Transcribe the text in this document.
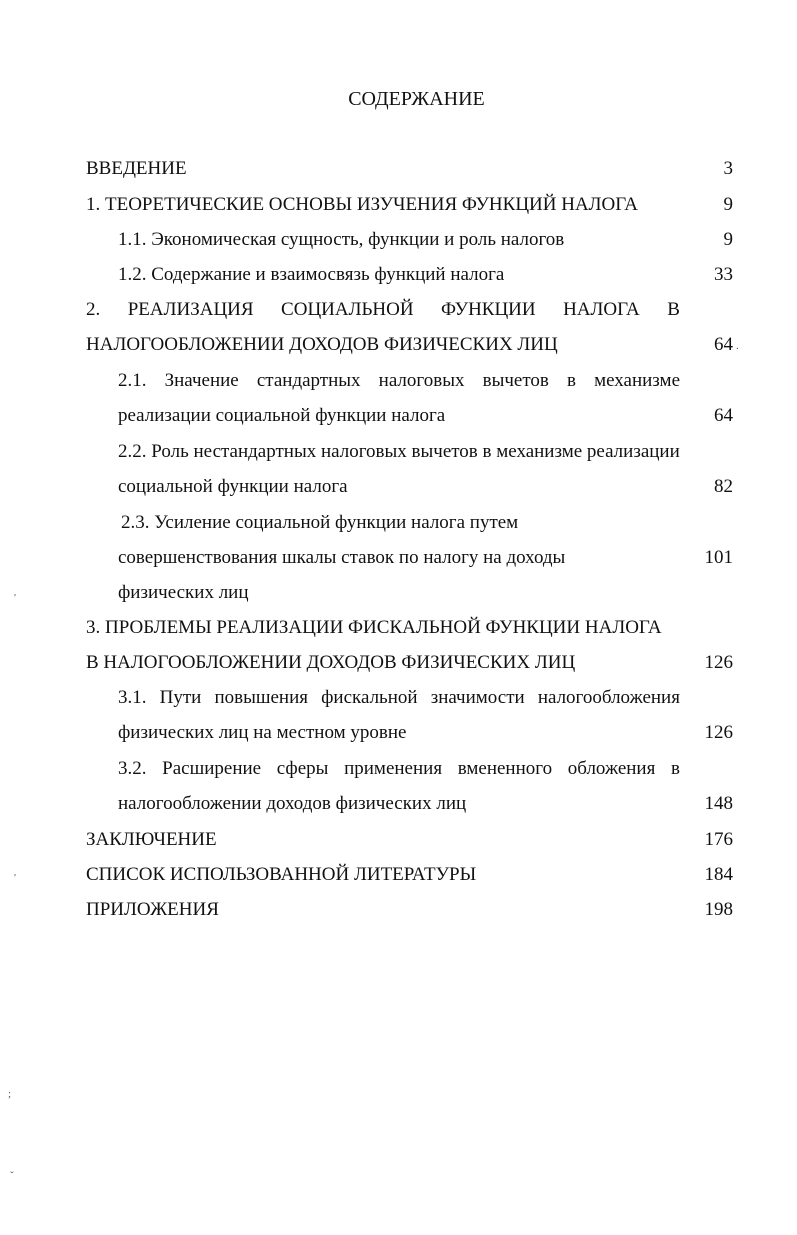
СОДЕРЖАНИЕ
ВВЕДЕНИЕ	3
1. ТЕОРЕТИЧЕСКИЕ ОСНОВЫ ИЗУЧЕНИЯ ФУНКЦИЙ НАЛОГА	9
1.1. Экономическая сущность, функции и роль налогов	9
1.2. Содержание и взаимосвязь функций налога	33
2. РЕАЛИЗАЦИЯ СОЦИАЛЬНОЙ ФУНКЦИИ НАЛОГА В
НАЛОГООБЛОЖЕНИИ ДОХОДОВ ФИЗИЧЕСКИХ ЛИЦ	64
2.1. Значение стандартных налоговых вычетов в механизме
реализации социальной функции налога	64
2.2. Роль нестандартных налоговых вычетов в механизме реализации
социальной функции налога	82
2.3. Усиление социальной функции налога путем
совершенствования шкалы ставок по налогу на доходы	101
физических лиц
3. ПРОБЛЕМЫ РЕАЛИЗАЦИИ ФИСКАЛЬНОЙ ФУНКЦИИ НАЛОГА
В НАЛОГООБЛОЖЕНИИ ДОХОДОВ ФИЗИЧЕСКИХ ЛИЦ	126
3.1. Пути повышения фискальной значимости налогообложения
физических лиц на местном уровне	126
3.2. Расширение сферы применения вмененного обложения в
налогообложении доходов физических лиц	148
ЗАКЛЮЧЕНИЕ	176
СПИСОК ИСПОЛЬЗОВАННОЙ ЛИТЕРАТУРЫ	184
ПРИЛОЖЕНИЯ	198
'
'
;
ˇ
.
